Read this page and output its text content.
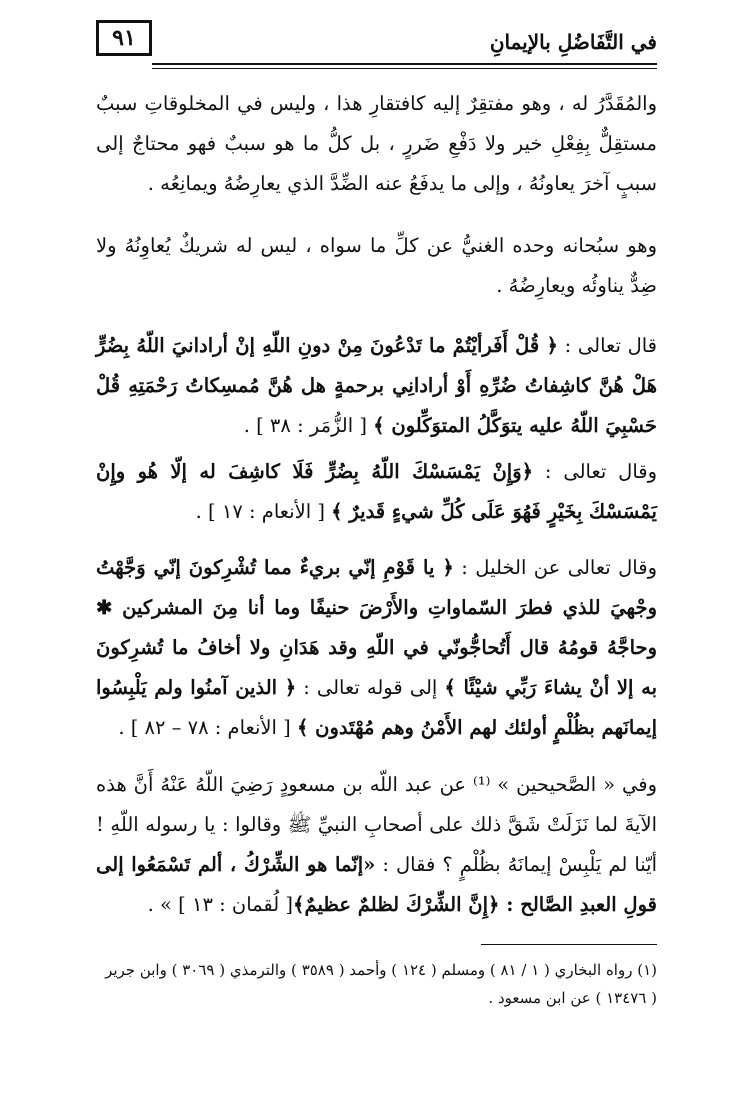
في التَّفَاضُلِ بالإيمانِ
٩١

والمُقَدَّرُ له ، وهو مفتقِرٌ إليه كافتقارِ هذا ، وليس في المخلوقاتِ سببٌ مستقِلٌّ بِفِعْلِ خير ولا دَفْعِ ضَررٍ ، بل كلُّ ما هو سببٌ فهو محتاجٌ إلى سببٍ آخرَ يعاونُهُ ، وإلى ما يدفَعُ عنه الضِّدَّ الذي يعارِضُهُ ويمانِعُه .

وهو سبُحانه وحده الغنيُّ عن كلِّ ما سواه ، ليس له شريكٌ يُعاوِنُهُ ولا ضِدٌّ يناوئُه ويعارِضُهُ .

قال تعالى : ﴿ قُلْ أَفَرأيْتُمْ ما تَدْعُونَ مِنْ دونِ اللّهِ إنْ أرادانيَ اللّهُ بِضُرٍّ هَلْ هُنَّ كاشِفاتُ ضُرِّهِ أَوْ أرادانِي برحمةٍ هل هُنَّ مُمسِكاتُ رَحْمَتِهِ قُلْ حَسْبِيَ اللّهُ عليه يتوَكَّلُ المتوَكِّلون ﴾ [ الزُّمَر : ٣٨ ] .

وقال تعالى : ﴿وَإِنْ يَمْسَسْكَ اللّهُ بِضُرٍّ فَلَا كاشِفَ له إلّا هُو وإِنْ يَمْسَسْكَ بِخَيْرٍ فَهُوَ عَلَى كُلِّ شيءٍ قَديرٌ ﴾ [ الأنعام : ١٧ ] .

وقال تعالى عن الخليل : ﴿ يا قَوْمِ إنّي بريءٌ مما تُشْرِكونَ إنّي وَجَّهْتُ وجْهيَ للذي فطرَ السّماواتِ والأَرْضَ حنيفًا وما أنا مِنَ المشركين ✱ وحاجَّهُ قومُهُ قال أَتُحاجُّونّي في اللّهِ وقد هَدَانِ ولا أخافُ ما تُشرِكونَ به إلا أنْ يشاءَ رَبِّي شيْئًا ﴾ إلى قوله تعالى : ﴿ الذين آمنُوا ولم يَلْبِسُوا إيمانَهم بظُلْمٍ أولئك لهم الأَمْنُ وهم مُهْتَدون ﴾ [ الأنعام : ٧٨ – ٨٢ ] .

وفي « الصَّحيحين » ⁽¹⁾ عن عبد اللّه بن مسعودٍ رَضِيَ اللّهُ عَنْهُ أَنَّ هذه الآيةَ لما نَزَلَتْ شَقَّ ذلك على أصحابِ النبيِّ ﷺ وقالوا : يا رسوله اللّهِ ! أيّنا لم يَلْبِسْ إيمانَهُ بظُلْمٍ ؟ فقال : «إنّما هو الشِّرْكُ ، ألم تَسْمَعُوا إلى قولِ العبدِ الصَّالح : ﴿إِنَّ الشِّرْكَ لظلمٌ عظيمٌ﴾[ لُقمان : ١٣ ] » .

(١) رواه البخاري ( ١ / ٨١ ) ومسلم ( ١٢٤ ) وأحمد ( ٣٥٨٩ ) والترمذي ( ٣٠٦٩ ) وابن جرير ( ١٣٤٧٦ ) عن ابن مسعود .
